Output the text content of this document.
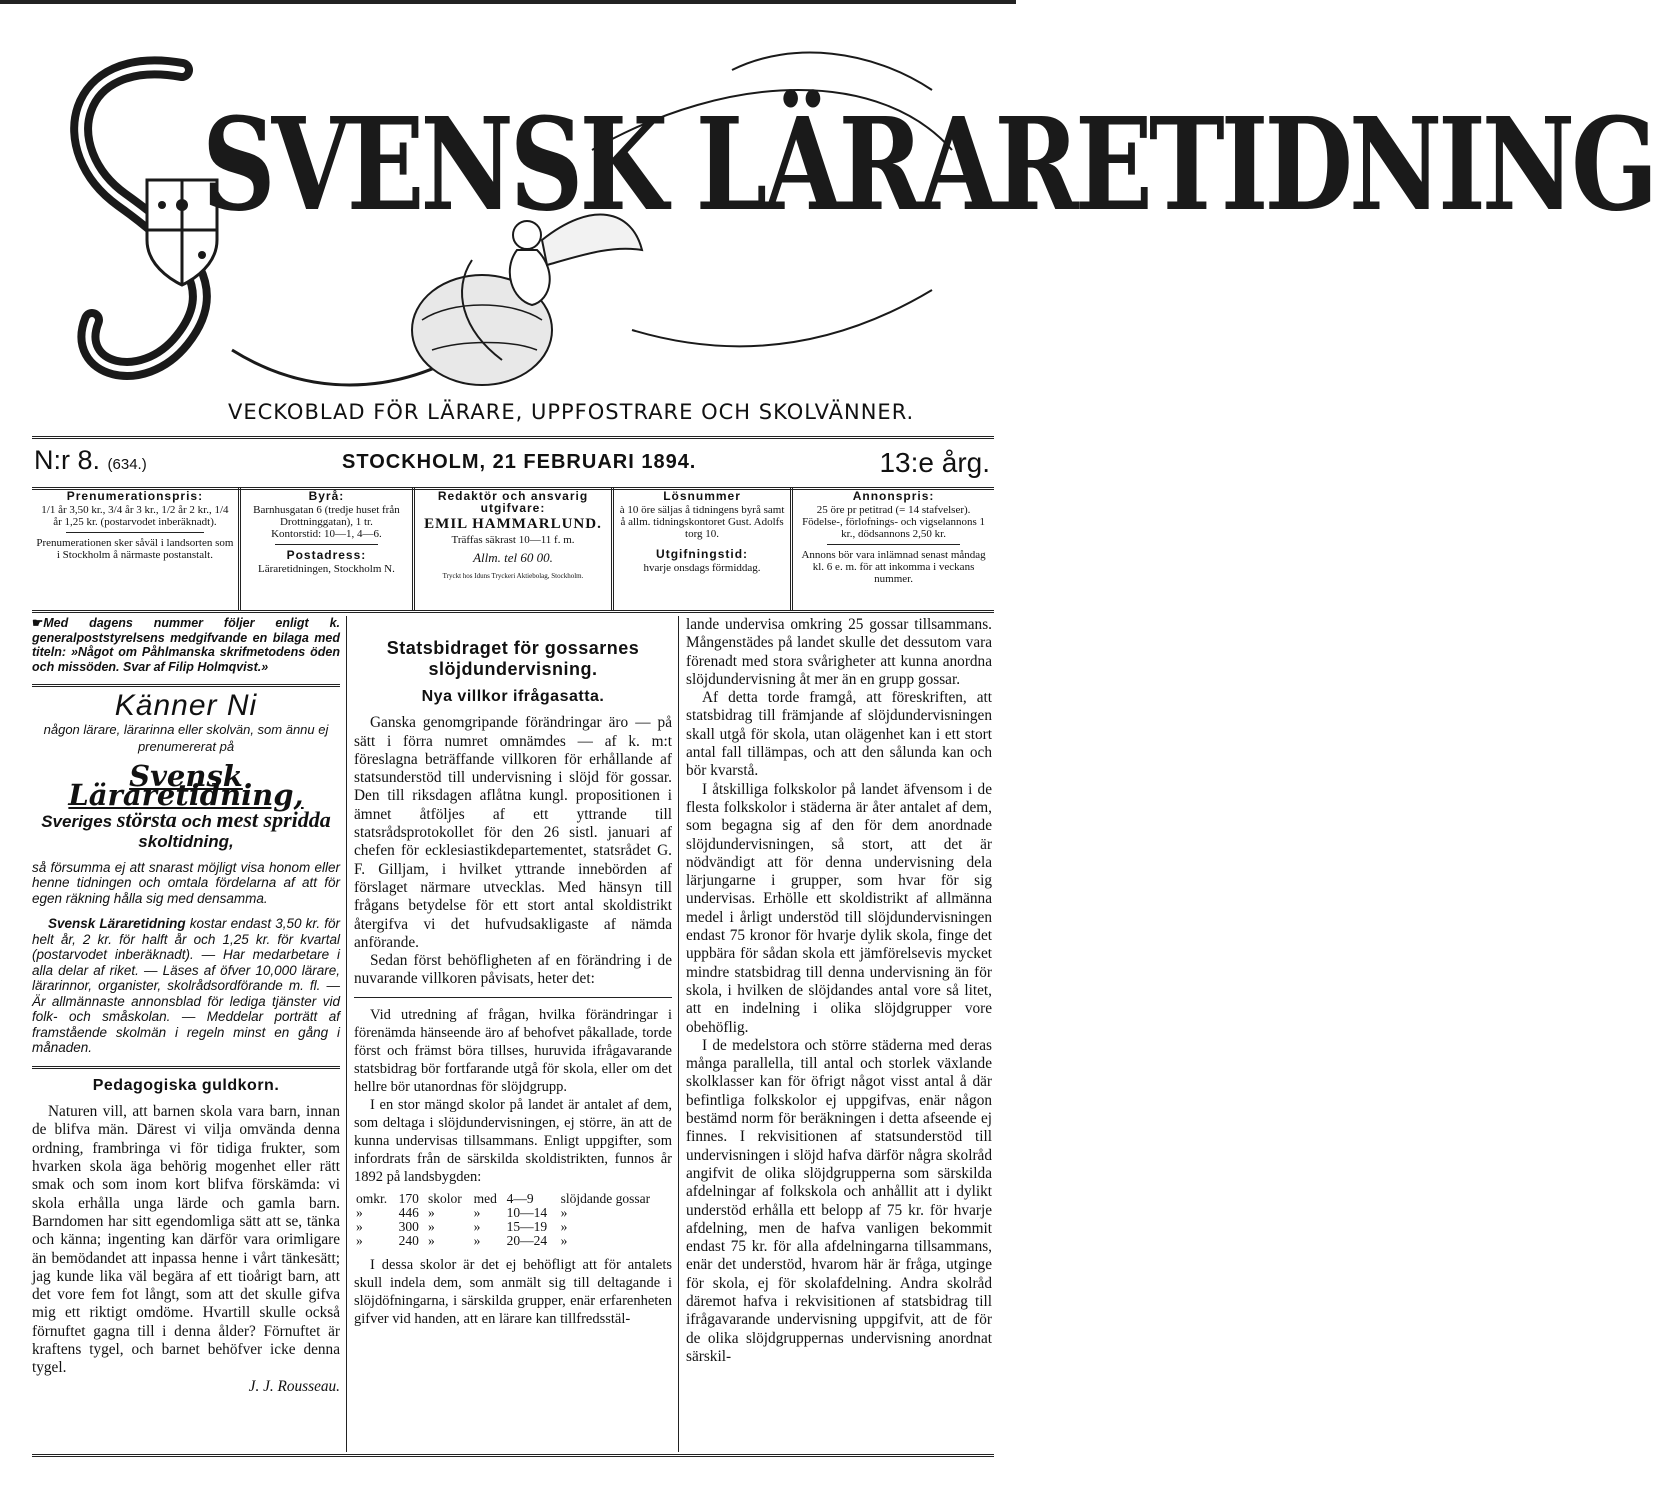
SVENSK LÄRARETIDNING
VECKOBLAD FÖR LÄRARE, UPPFOSTRARE OCH SKOLVÄNNER.
N:r 8. (634.)	STOCKHOLM, 21 FEBRUARI 1894.	13:e årg.
Prenumerationspris:
1/1 år 3,50 kr., 3/4 år 3 kr., 1/2 år 2 kr., 1/4 år 1,25 kr. (postarvodet inberäknadt).
Prenumerationen sker såväl i landsorten som i Stockholm å närmaste postanstalt.
Byrå:
Barnhusgatan 6 (tredje huset från Drottninggatan), 1 tr.
Kontorstid: 10—1, 4—6.
Postadress:
Läraretidningen, Stockholm N.
Redaktör och ansvarig utgifvare:
EMIL HAMMARLUND.
Träffas säkrast 10—11 f. m.
Allm. tel 60 00.
Tryckt hos Iduns Tryckeri Aktiebolag, Stockholm.
Lösnummer
à 10 öre säljas å tidningens byrå samt å allm. tidningskontoret Gust. Adolfs torg 10.
Utgifningstid:
hvarje onsdags förmiddag.
Annonspris:
25 öre pr petitrad (= 14 stafvelser). Födelse-, förlofnings- och vigselannons 1 kr., dödsannons 2,50 kr.
Annons bör vara inlämnad senast måndag kl. 6 e. m. för att inkomma i veckans nummer.

☛Med dagens nummer följer enligt k. generalpoststyrelsens medgifvande en bilaga med titeln: »Något om Påhlmanska skrifmetodens öden och missöden. Svar af Filip Holmqvist.»

Känner Ni
någon lärare, lärarinna eller skolvän, som ännu ej prenumererat på
Svensk Läraretidning,
Sveriges största och mest spridda
skoltidning,

så försumma ej att snarast möjligt visa honom eller henne tidningen och omtala fördelarna af att för egen räkning hålla sig med densamma.

Svensk Läraretidning kostar endast 3,50 kr. för helt år, 2 kr. för halft år och 1,25 kr. för kvartal (postarvodet inberäknadt). — Har medarbetare i alla delar af riket. — Läses af öfver 10,000 lärare, lärarinnor, organister, skolrådsordförande m. fl. — Är allmännaste annonsblad för lediga tjänster vid folk- och småskolan. — Meddelar porträtt af framstående skolmän i regeln minst en gång i månaden.

Pedagogiska guldkorn.

Naturen vill, att barnen skola vara barn, innan de blifva män. Därest vi vilja omvända denna ordning, frambringa vi för tidiga frukter, som hvarken skola äga behörig mogenhet eller rätt smak och som inom kort blifva förskämda: vi skola erhålla unga lärde och gamla barn. Barndomen har sitt egendomliga sätt att se, tänka och känna; ingenting kan därför vara orimligare än bemödandet att inpassa henne i vårt tänkesätt; jag kunde lika väl begära af ett tioårigt barn, att det vore fem fot långt, som att det skulle gifva mig ett riktigt omdöme. Hvartill skulle också förnuftet gagna till i denna ålder? Förnuftet är kraftens tygel, och barnet behöfver icke denna tygel.

J. J. Rousseau.

Statsbidraget för gossarnes slöjdundervisning.
Nya villkor ifrågasatta.

Ganska genomgripande förändringar äro — på sätt i förra numret omnämdes — af k. m:t föreslagna beträffande villkoren för erhållande af statsunderstöd till undervisning i slöjd för gossar. Den till riksdagen aflåtna kungl. propositionen i ämnet åtföljes af ett yttrande till statsrådsprotokollet för den 26 sistl. januari af chefen för ecklesiastikdepartementet, statsrådet G. F. Gilljam, i hvilket yttrande innebörden af förslaget närmare utvecklas. Med hänsyn till frågans betydelse för ett stort antal skoldistrikt återgifva vi det hufvudsakligaste af nämda anförande.

Sedan först behöfligheten af en förändring i de nuvarande villkoren påvisats, heter det:

Vid utredning af frågan, hvilka förändringar i förenämda hänseende äro af behofvet påkallade, torde först och främst böra tillses, huruvida ifrågavarande statsbidrag bör fortfarande utgå för skola, eller om det hellre bör utanordnas för slöjdgrupp.

I en stor mängd skolor på landet är antalet af dem, som deltaga i slöjdundervisningen, ej större, än att de kunna undervisas tillsammans. Enligt uppgifter, som infordrats från de särskilda skoldistrikten, funnos år 1892 på landsbygden:

omkr.	170	skolor	med	4—9	slöjdande gossar
»	446	»	»	10—14	»
»	300	»	»	15—19	»
»	240	»	»	20—24	»

I dessa skolor är det ej behöfligt att för antalets skull indela dem, som anmält sig till deltagande i slöjdöfningarna, i särskilda grupper, enär erfarenheten gifver vid handen, att en lärare kan tillfredsstäl-

lande undervisa omkring 25 gossar tillsammans. Mångenstädes på landet skulle det dessutom vara förenadt med stora svårigheter att kunna anordna slöjdundervisning åt mer än en grupp gossar.

Af detta torde framgå, att föreskriften, att statsbidrag till främjande af slöjdundervisningen skall utgå för skola, utan olägenhet kan i ett stort antal fall tillämpas, och att den sålunda kan och bör kvarstå.

I åtskilliga folkskolor på landet äfvensom i de flesta folkskolor i städerna är åter antalet af dem, som begagna sig af den för dem anordnade slöjdundervisningen, så stort, att det är nödvändigt att för denna undervisning dela lärjungarne i grupper, som hvar för sig undervisas. Erhölle ett skoldistrikt af allmänna medel i årligt understöd till slöjdundervisningen endast 75 kronor för hvarje dylik skola, finge det uppbära för sådan skola ett jämförelsevis mycket mindre statsbidrag till denna undervisning än för skola, i hvilken de slöjdandes antal vore så litet, att en indelning i olika slöjdgrupper vore obehöflig.

I de medelstora och större städerna med deras många parallella, till antal och storlek växlande skolklasser kan för öfrigt något visst antal å där befintliga folkskolor ej uppgifvas, enär någon bestämd norm för beräkningen i detta afseende ej finnes. I rekvisitionen af statsunderstöd till undervisningen i slöjd hafva därför några skolråd angifvit de olika slöjdgrupperna som särskilda afdelningar af folkskola och anhållit att i dylikt understöd erhålla ett belopp af 75 kr. för hvarje afdelning, men de hafva vanligen bekommit endast 75 kr. för alla afdelningarna tillsammans, enär det understöd, hvarom här är fråga, utginge för skola, ej för skolafdelning. Andra skolråd däremot hafva i rekvisitionen af statsbidrag till ifrågavarande undervisning uppgifvit, att de för de olika slöjdgruppernas undervisning anordnat särskil-
